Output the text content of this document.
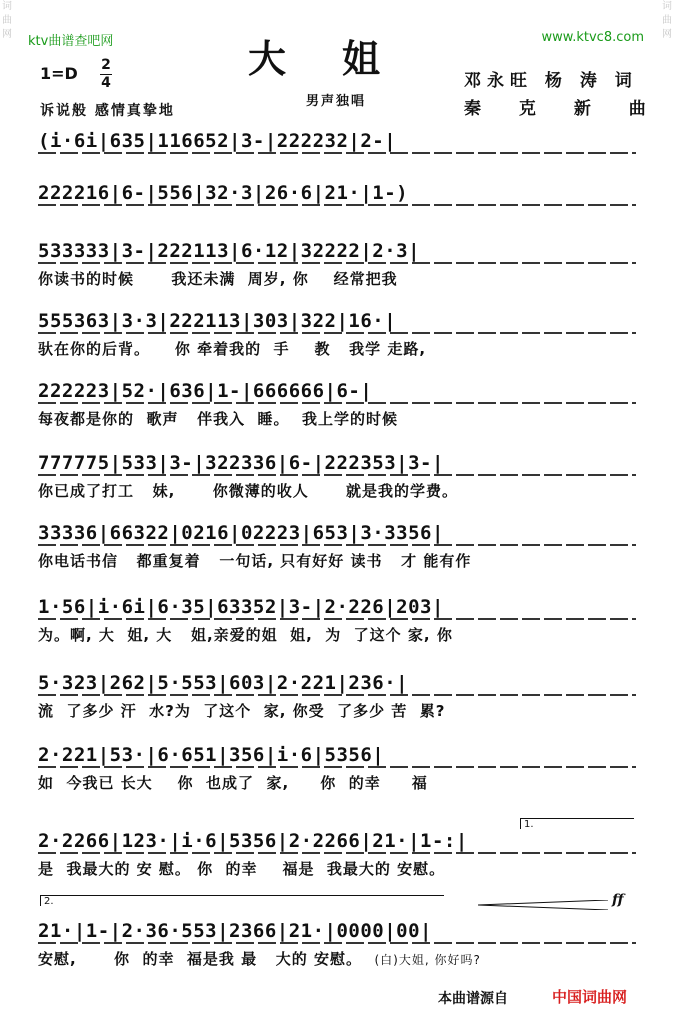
词
曲
网
词
曲
网
ktv曲谱查吧网	www.ktvc8.com
大姐
1=D 2
4
诉说般 感情真挚地
男声独唱
邓永旺 杨 涛 词
秦 克 新 曲
(i·6i|635|116652|3-|222232|2-|
222216|6-|556|32·3|26·6|21·|1-)
533333|3-|222113|6·12|32222|2·3|
你读书的时候      我还未满  周岁, 你    经常把我
555363|3·3|222113|303|322|16·|
驮在你的后背。    你 牵着我的  手    教   我学 走路,
222223|52·|636|1-|666666|6-|
每夜都是你的  歌声   伴我入  睡。  我上学的时候
777775|533|3-|322336|6-|222353|3-|
你已成了打工   妹,      你微薄的收人      就是我的学费。
33336|66322|0216|02223|653|3·3356|
你电话书信   都重复着   一句话, 只有好好 读书   才 能有作
1·56|i·6i|6·35|63352|3-|2·226|203|
为。啊, 大  姐, 大   姐,亲爱的姐  姐,  为  了这个 家, 你
5·323|262|5·553|603|2·221|236·|
流  了多少 汗  水?为  了这个  家, 你受  了多少 苦  累?
2·221|53·|6·651|356|i·6|5356|
如  今我已 长大    你  也成了  家,     你  的幸     福
2·2266|123·|i·6|5356|2·2266|21·|1-:|
是  我最大的 安 慰。 你  的幸    福是  我最大的 安慰。
21·|1-|2·36·553|2366|21·|0000|00|
安慰,      你  的幸  福是我 最   大的 安慰。  (白)大姐, 你好吗?
1.
2.	ff
本曲谱源自	中国词曲网
